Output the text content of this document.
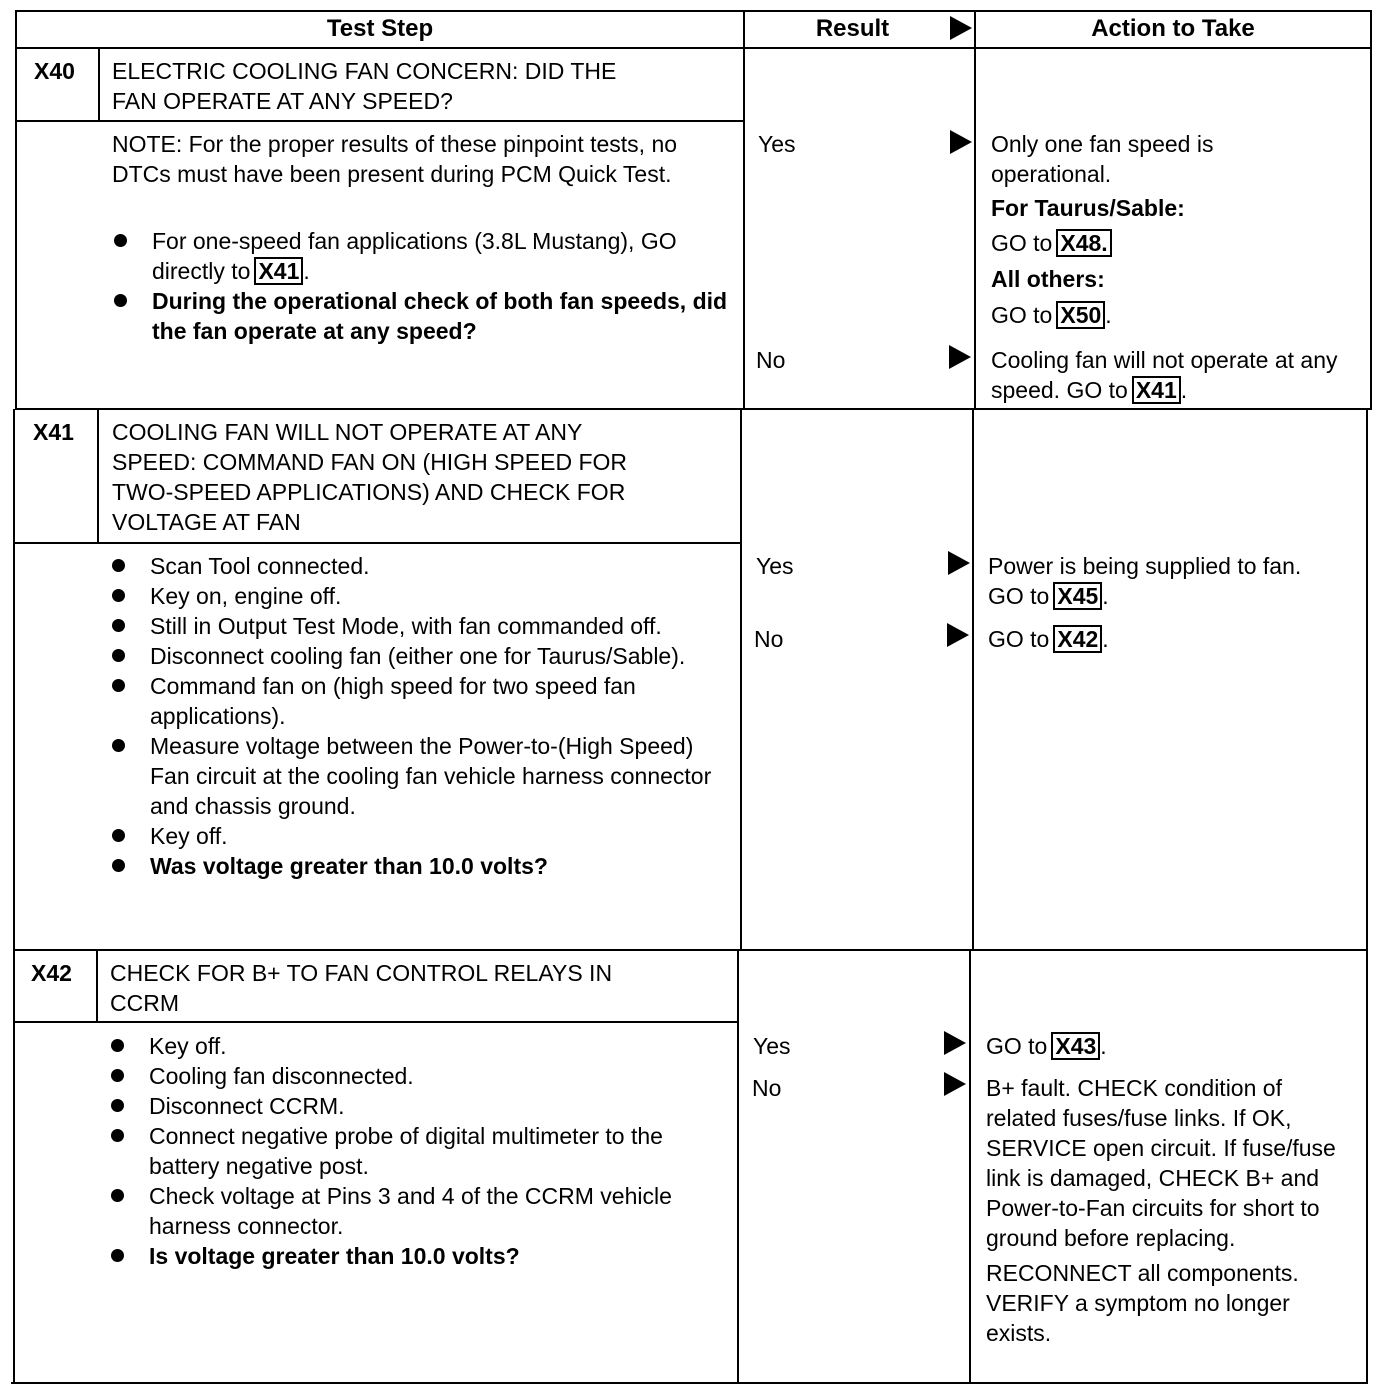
Test Step	Result	Action to Take
X40 ELECTRIC COOLING FAN CONCERN: DID THE
FAN OPERATE AT ANY SPEED?
NOTE: For the proper results of these pinpoint tests, no DTCs must have been present during PCM Quick Test.
For one-speed fan applications (3.8L Mustang), GO directly to X41 .
During the operational check of both fan speeds, did the fan operate at any speed?
Yes
No

Only one fan speed is operational.

For Taurus/Sable:

GO to X48.

All others:

GO to X50 .

Cooling fan will not operate at any speed. GO to X41 .

X41 COOLING FAN WILL NOT OPERATE AT ANY
SPEED: COMMAND FAN ON (HIGH SPEED FOR
TWO-SPEED APPLICATIONS) AND CHECK FOR
VOLTAGE AT FAN
Scan Tool connected.
Key on, engine off.
Still in Output Test Mode, with fan commanded off.
Disconnect cooling fan (either one for Taurus/Sable).
Command fan on (high speed for two speed fan applications).
Measure voltage between the Power-to-(High Speed) Fan circuit at the cooling fan vehicle harness connector and chassis ground.
Key off.
Was voltage greater than 10.0 volts?
Yes
No

Power is being supplied to fan.

GO to X45 .

GO to X42 .

X42 CHECK FOR B+ TO FAN CONTROL RELAYS IN
CCRM
Key off.
Cooling fan disconnected.
Disconnect CCRM.
Connect negative probe of digital multimeter to the battery negative post.
Check voltage at Pins 3 and 4 of the CCRM vehicle harness connector.
Is voltage greater than 10.0 volts?
Yes
No

GO to X43 .

B+ fault. CHECK condition of related fuses/fuse links. If OK, SERVICE open circuit. If fuse/fuse link is damaged, CHECK B+ and Power-to-Fan circuits for short to ground before replacing.

RECONNECT all components. VERIFY a symptom no longer exists.
